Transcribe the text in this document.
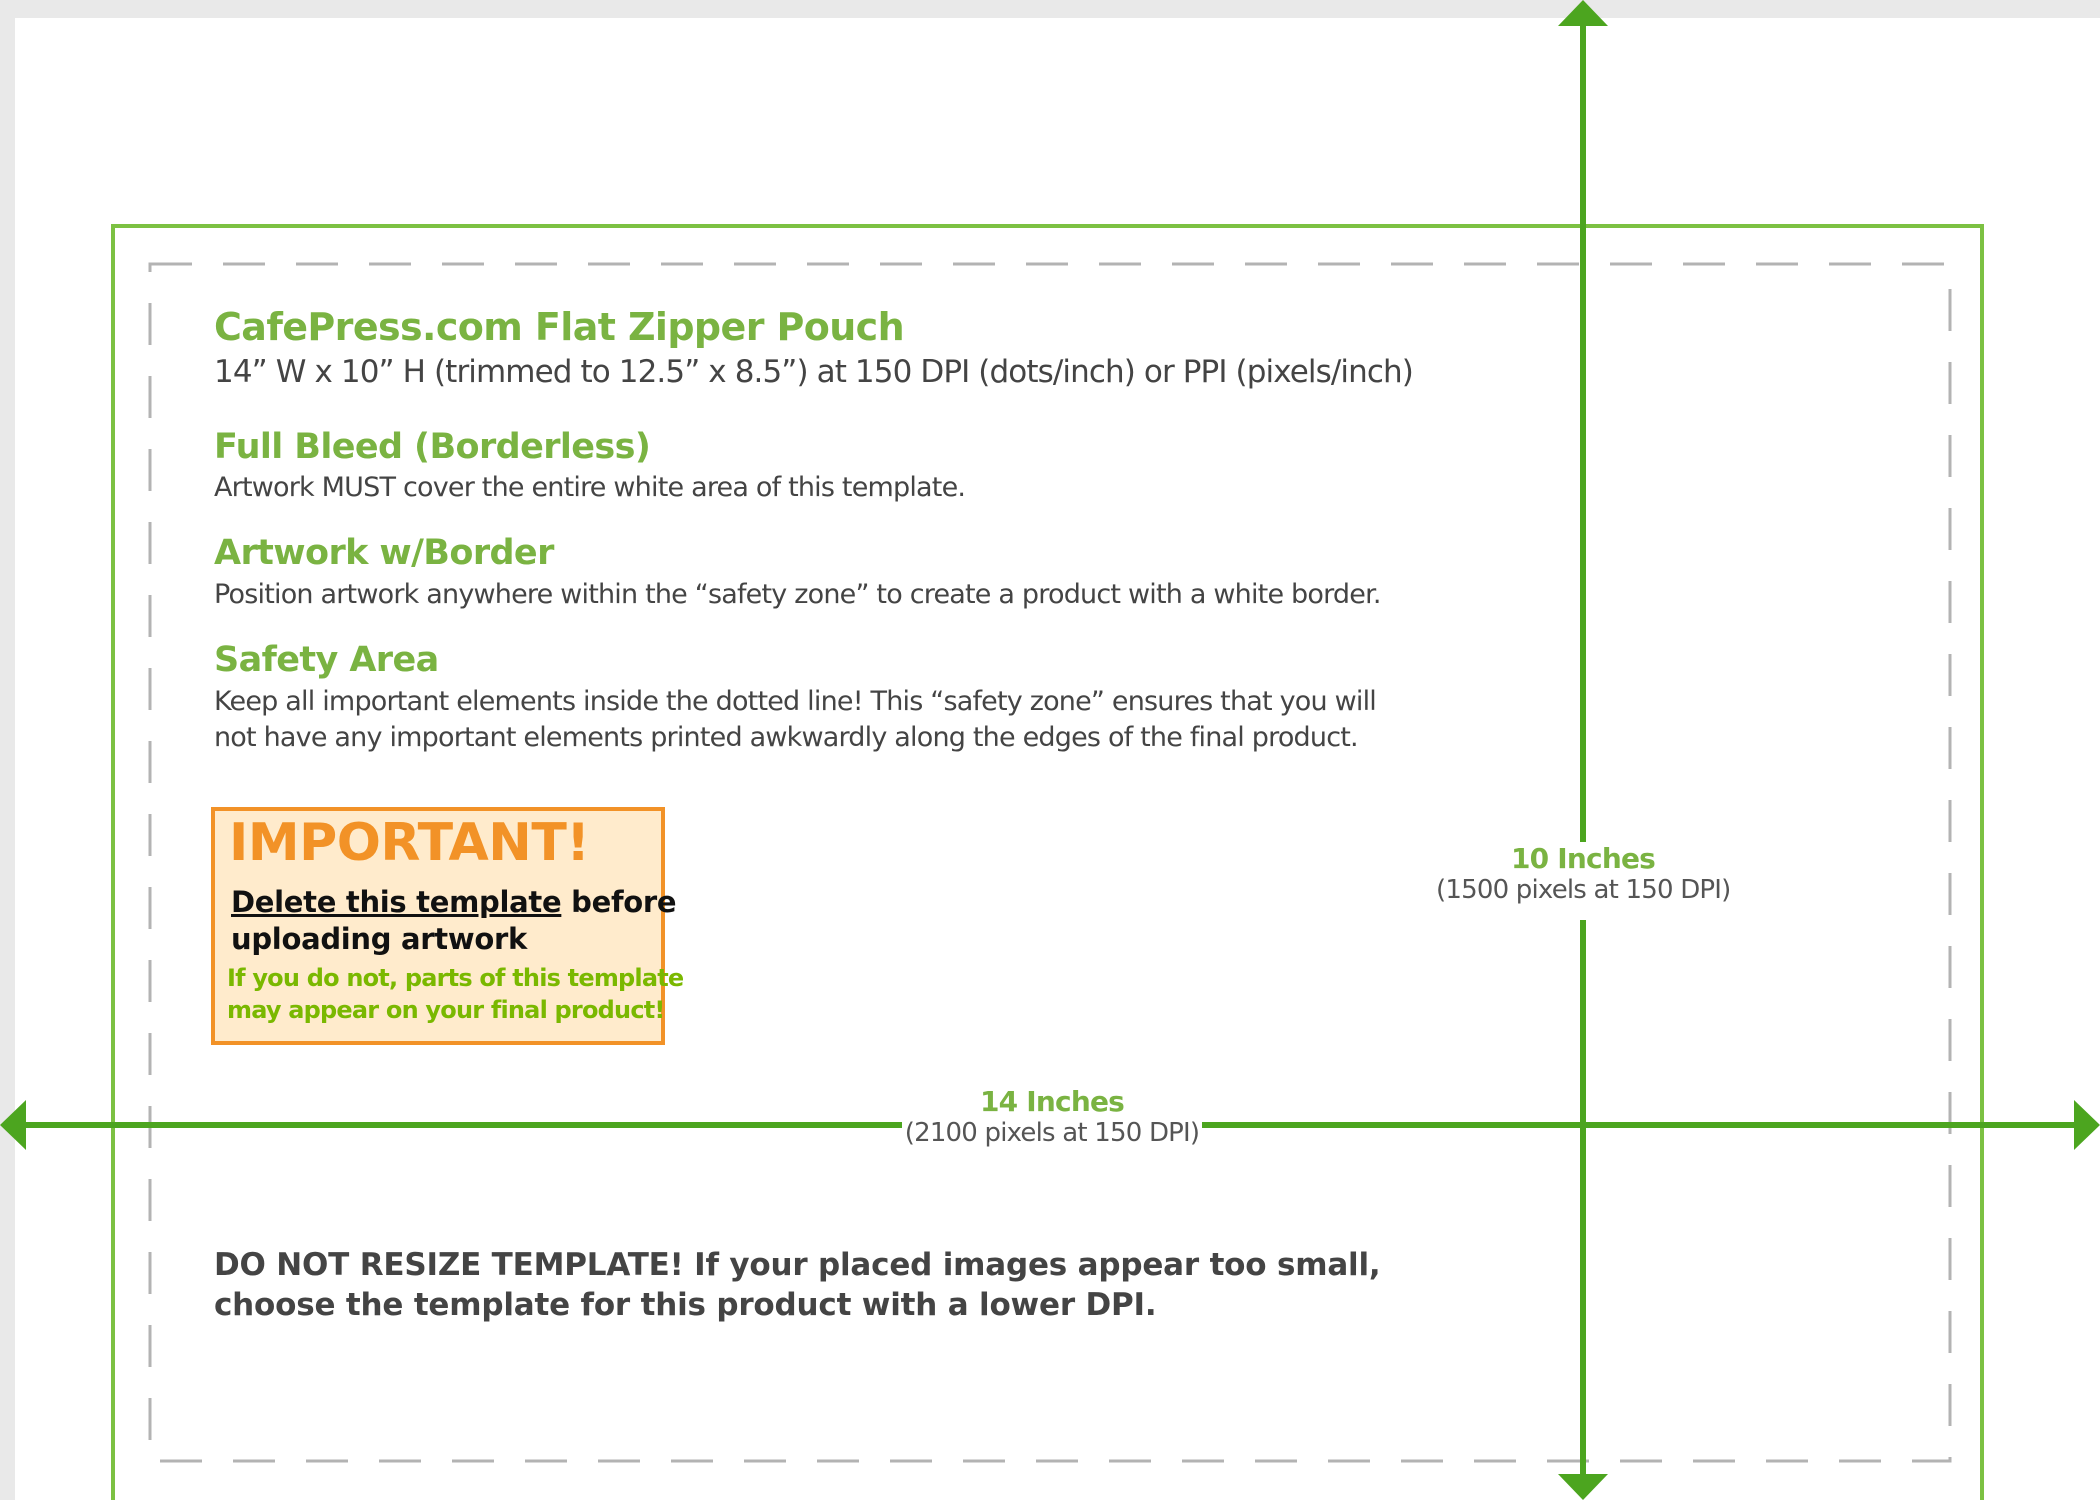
CafePress.com Flat Zipper Pouch

14” W x 10” H (trimmed to 12.5” x 8.5”) at 150 DPI (dots/inch) or PPI (pixels/inch)

Full Bleed (Borderless)

Artwork MUST cover the entire white area of this template.

Artwork w/Border

Position artwork anywhere within the “safety zone” to create a product with a white border.

Safety Area

Keep all important elements inside the dotted line! This “safety zone” ensures that you will

not have any important elements printed awkwardly along the edges of the final product.

IMPORTANT!
Delete this template before
uploading artwork
If you do not, parts of this template
may appear on your final product!
10 Inches
(1500 pixels at 150 DPI)
14 Inches
(2100 pixels at 150 DPI)
DO NOT RESIZE TEMPLATE! If your placed images appear too small,
choose the template for this product with a lower DPI.
